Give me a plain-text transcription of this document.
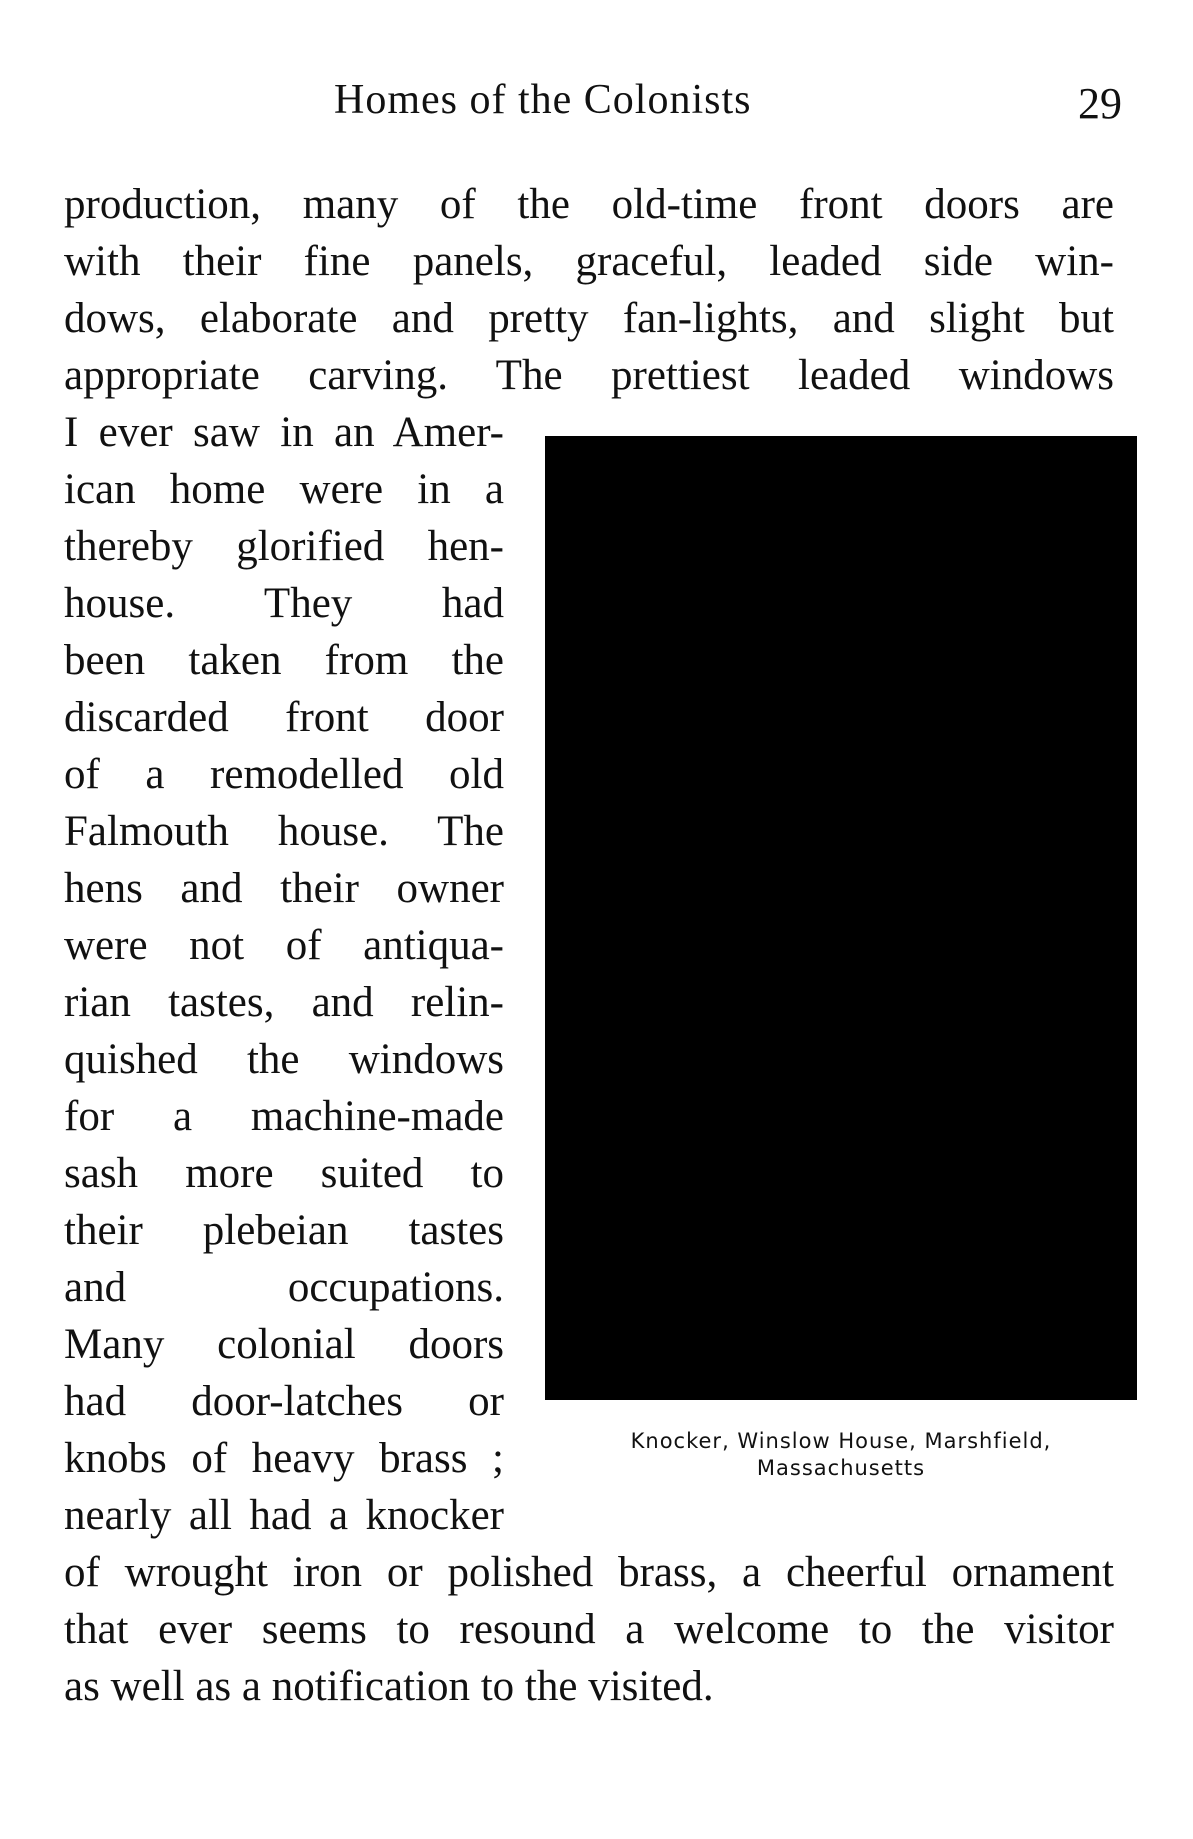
Homes of the Colonists	29
production, many of the old-time front doors are
with their fine panels, graceful, leaded side win-
dows, elaborate and pretty fan-lights, and slight but
appropriate carving. The prettiest leaded windows
I ever saw in an Amer-
ican home were in a
thereby glorified hen-
house. They had
been taken from the
discarded front door
of a remodelled old
Falmouth house. The
hens and their owner
were not of antiqua-
rian tastes, and relin-
quished the windows
for a machine-made
sash more suited to
their plebeian tastes
and occupations.
Many colonial doors
had door-latches or
knobs of heavy brass ;
nearly all had a knocker
of wrought iron or polished brass, a cheerful ornament
that ever seems to resound a welcome to the visitor
as well as a notification to the visited.
Knocker, Winslow House, Marshfield,
Massachusetts
